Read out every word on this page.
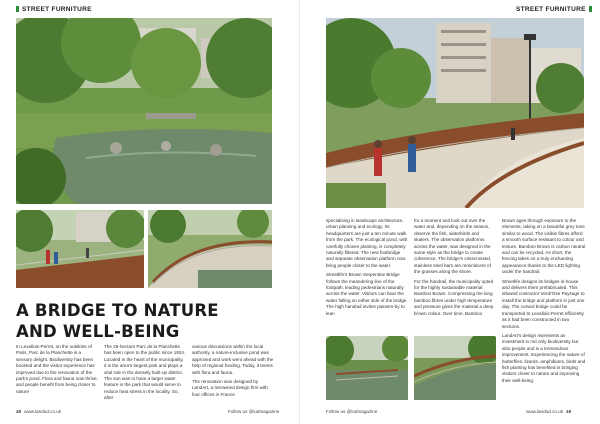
STREET FURNITURE
A BRIDGE TO NATURE
AND WELL-BEING

In Levallois-Perret, on the outskirts of Paris, Parc de la Planchette is a sensory delight. Biodiversity has been boosted and the visitor experience has improved due to the renovation of the park's pond. Flora and fauna now thrive, and people benefit from being closer to nature

The 25-hectare Parc de la Planchette has been open to the public since 1924. Located in the heart of the municipality, it is the area's largest park and plays a vital role in the densely built-up district. The sun was to have a larger water feature in the park that would serve to reduce heat stress in the locality. So, after

various discussions within the local authority, a nature-inclusive pond was approved and work went ahead with the help of regional funding. Today, it teems with flora and fauna.

The renovation was designed by LandArt, a renowned design firm with four offices in France

48 www.landud.co.uk	Follow us @ludmagazine
STREET FURNITURE

specialising in landscape architecture, urban planning and ecology. Its headquarters are just a ten minute walk from the park. The ecological pond, with carefully chosen planting, is completely naturally filtered. The new footbridge and separate observation platform now bring people closer to the water.

Streetlife's Brown Serpentine Bridge follows the meandering line of the footpath, leading pedestrians naturally across the water. Visitors can hear the water falling on either side of the bridge. The high handrail invites passers-by to lean

for a moment and look out over the water and, depending on the season, observe the fish, waterbirds and skaters. The observation platforms across the water, was designed in the same style as the bridge to create coherence. The bridge's crisscrossed, stainless steel bars are reminiscent of the grasses along the shore.

For the handrail, the municipality opted for the highly sustainable material Bamboo Brown. Compressing the long bamboo fibres under high temperature and pressure gives the material a deep brown colour. Over time, Bamboo

Brown ages through exposure to the elements, taking on a beautiful grey tone similar to wood. The visible fibres afford a smooth surface resistant to colour and texture. Bamboo Brown is carbon neutral and can be recycled. As short, the fencing takes on a truly enchanting appearance thanks to the LED lighting under the handrail.

Streetlife designs its bridges in-house and delivers them prefabricated. This allowed contractor Verdi'Ose Paysage to install the bridge and platform in just one day. The curved bridge could be transported to Levallois-Perret efficiently as it had been constructed in two sections.

LandArt's design represents an investment in not only biodiversity but also people and is a tremendous improvement. Experiencing the nature of butterflies, lizards, amphibians, birds and fish planting has benefited in bringing visitors closer to nature and improving their well-being.

Follow us @ludmagazine	www.landud.co.uk 49
